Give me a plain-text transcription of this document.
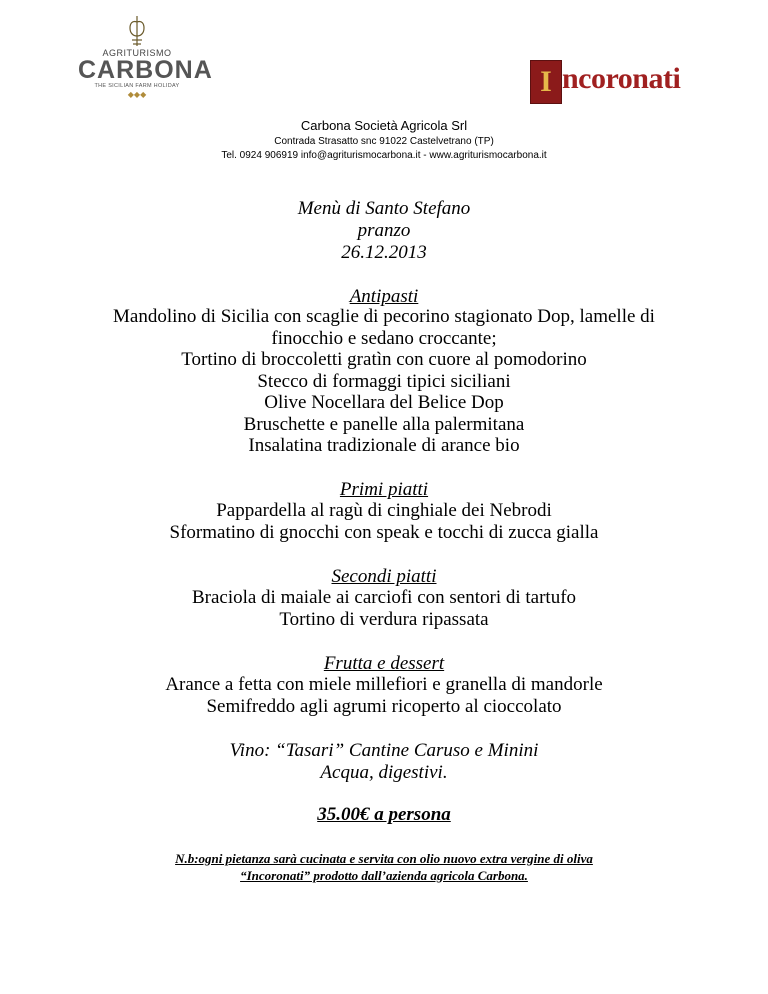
AGRITURISMO
CARBONA
THE SICILIAN FARM HOLIDAY
◆◆◆	I ncoronati
Carbona Società Agricola Srl
Contrada Strasatto snc 91022 Castelvetrano (TP)
Tel. 0924 906919 info@agriturismocarbona.it - www.agriturismocarbona.it
Menù di Santo Stefano
pranzo
26.12.2013
Antipasti
Mandolino di Sicilia con scaglie di pecorino stagionato Dop, lamelle di
finocchio e sedano croccante;
Tortino di broccoletti gratìn con cuore al pomodorino
Stecco di formaggi tipici siciliani
Olive Nocellara del Belice Dop
Bruschette e panelle alla palermitana
Insalatina tradizionale di arance bio
Primi piatti
Pappardella al ragù di cinghiale dei Nebrodi
Sformatino di gnocchi con speak e tocchi di zucca gialla
Secondi piatti
Braciola di maiale ai carciofi con sentori di tartufo
Tortino di verdura ripassata
Frutta e dessert
Arance a fetta con miele millefiori e granella di mandorle
Semifreddo agli agrumi ricoperto al cioccolato
Vino: “Tasari” Cantine Caruso e Minini
Acqua, digestivi.
35.00€ a persona
N.b:ogni pietanza sarà cucinata e servita con olio nuovo extra vergine di oliva
“Incoronati” prodotto dall’azienda agricola Carbona.
